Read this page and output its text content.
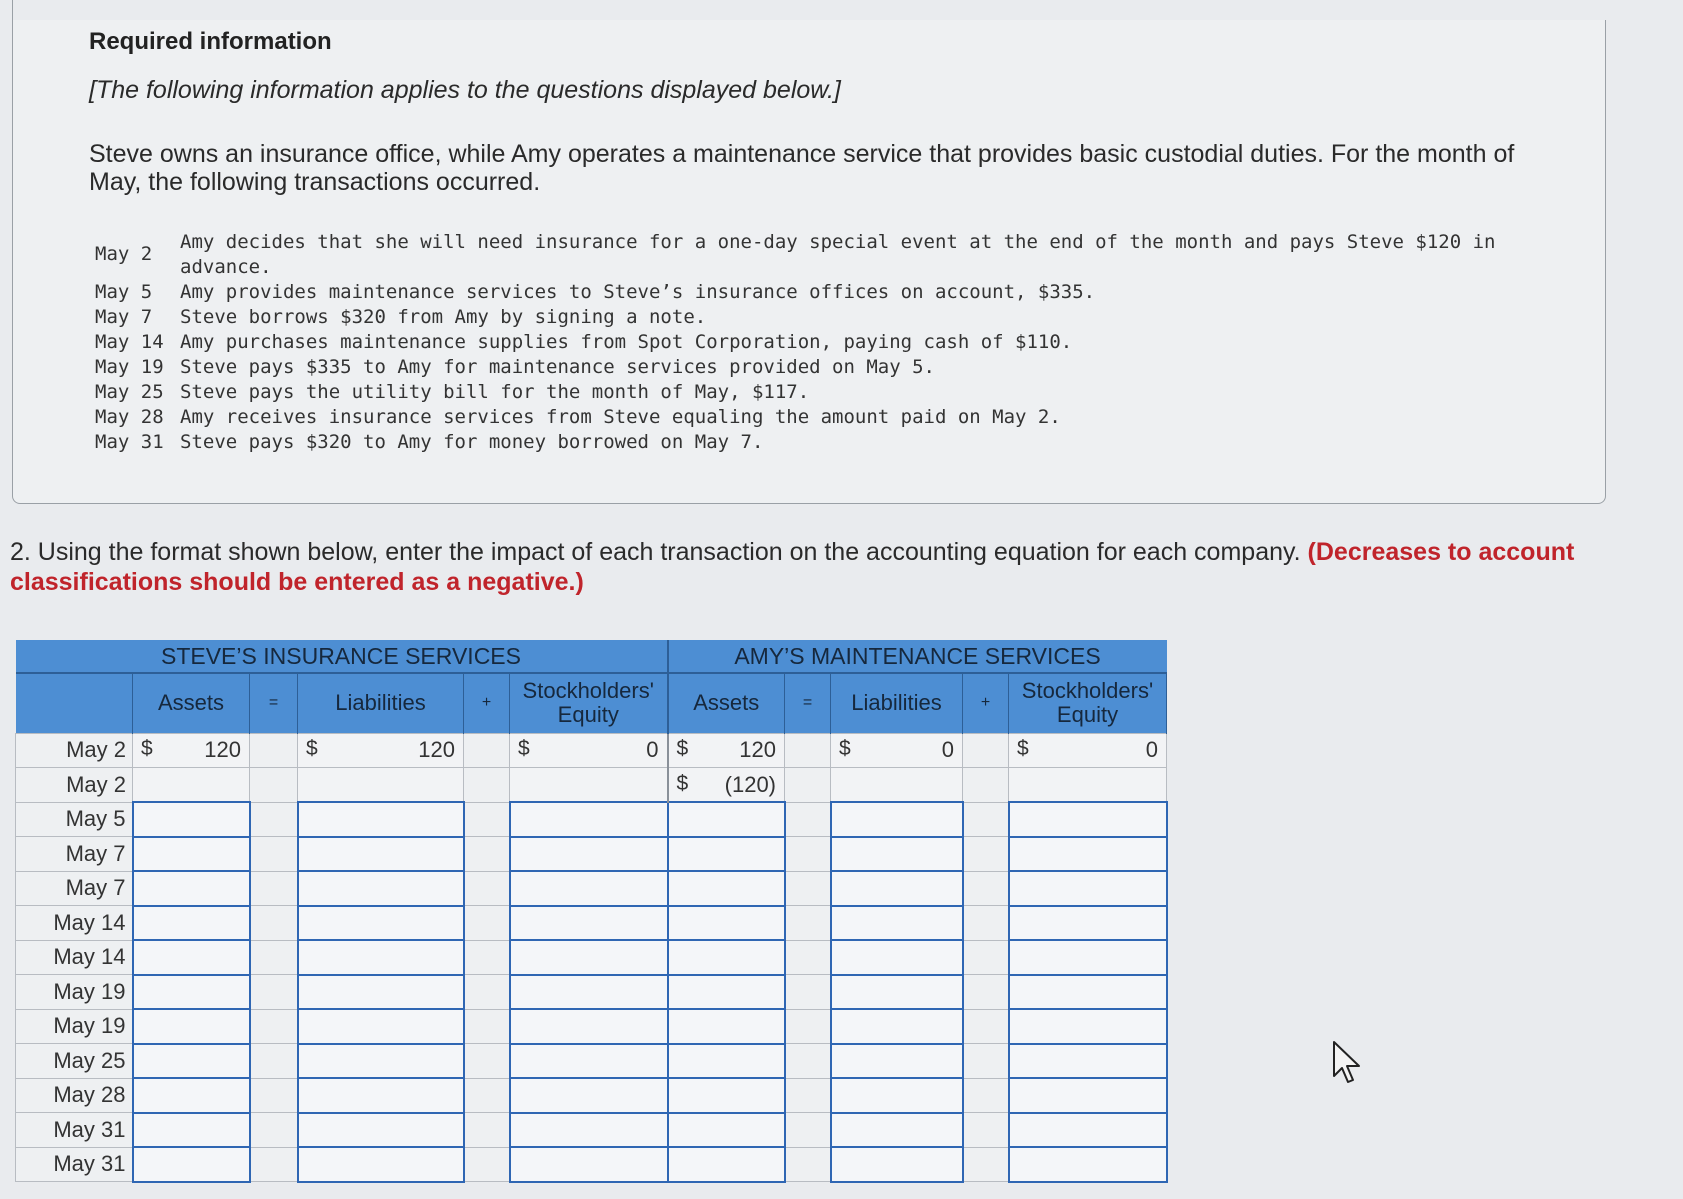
Required information
[The following information applies to the questions displayed below.]
Steve owns an insurance office, while Amy operates a maintenance service that provides basic custodial duties. For the month of May, the following transactions occurred.
May 2
Amy decides that she will need insurance for a one-day special event at the end of the month and pays Steve $120 in advance.
May 5	Amy provides maintenance services to Steve’s insurance offices on account, $335.
May 7	Steve borrows $320 from Amy by signing a note.
May 14 Amy purchases maintenance supplies from Spot Corporation, paying cash of $110.
May 19 Steve pays $335 to Amy for maintenance services provided on May 5.
May 25 Steve pays the utility bill for the month of May, $117.
May 28 Amy receives insurance services from Steve equaling the amount paid on May 2.
May 31 Steve pays $320 to Amy for money borrowed on May 7.
2. Using the format shown below, enter the impact of each transaction on the accounting equation for each company. (Decreases to account classifications should be entered as a negative.)
STEVE’S INSURANCE SERVICES						AMY’S MAINTENANCE SERVICES				
	Assets	=	Liabilities	+	Stockholders' Equity	Assets	=	Liabilities	+	Stockholders' Equity
May 2	$ 120		$ 120		$ 0	$ 120		$ 0		$ 0

May 2						$ (120)				

May 5										
May 7										
May 7										
May 14										
May 14										
May 19										
May 19										
May 25										
May 28										
May 31										
May 31										
